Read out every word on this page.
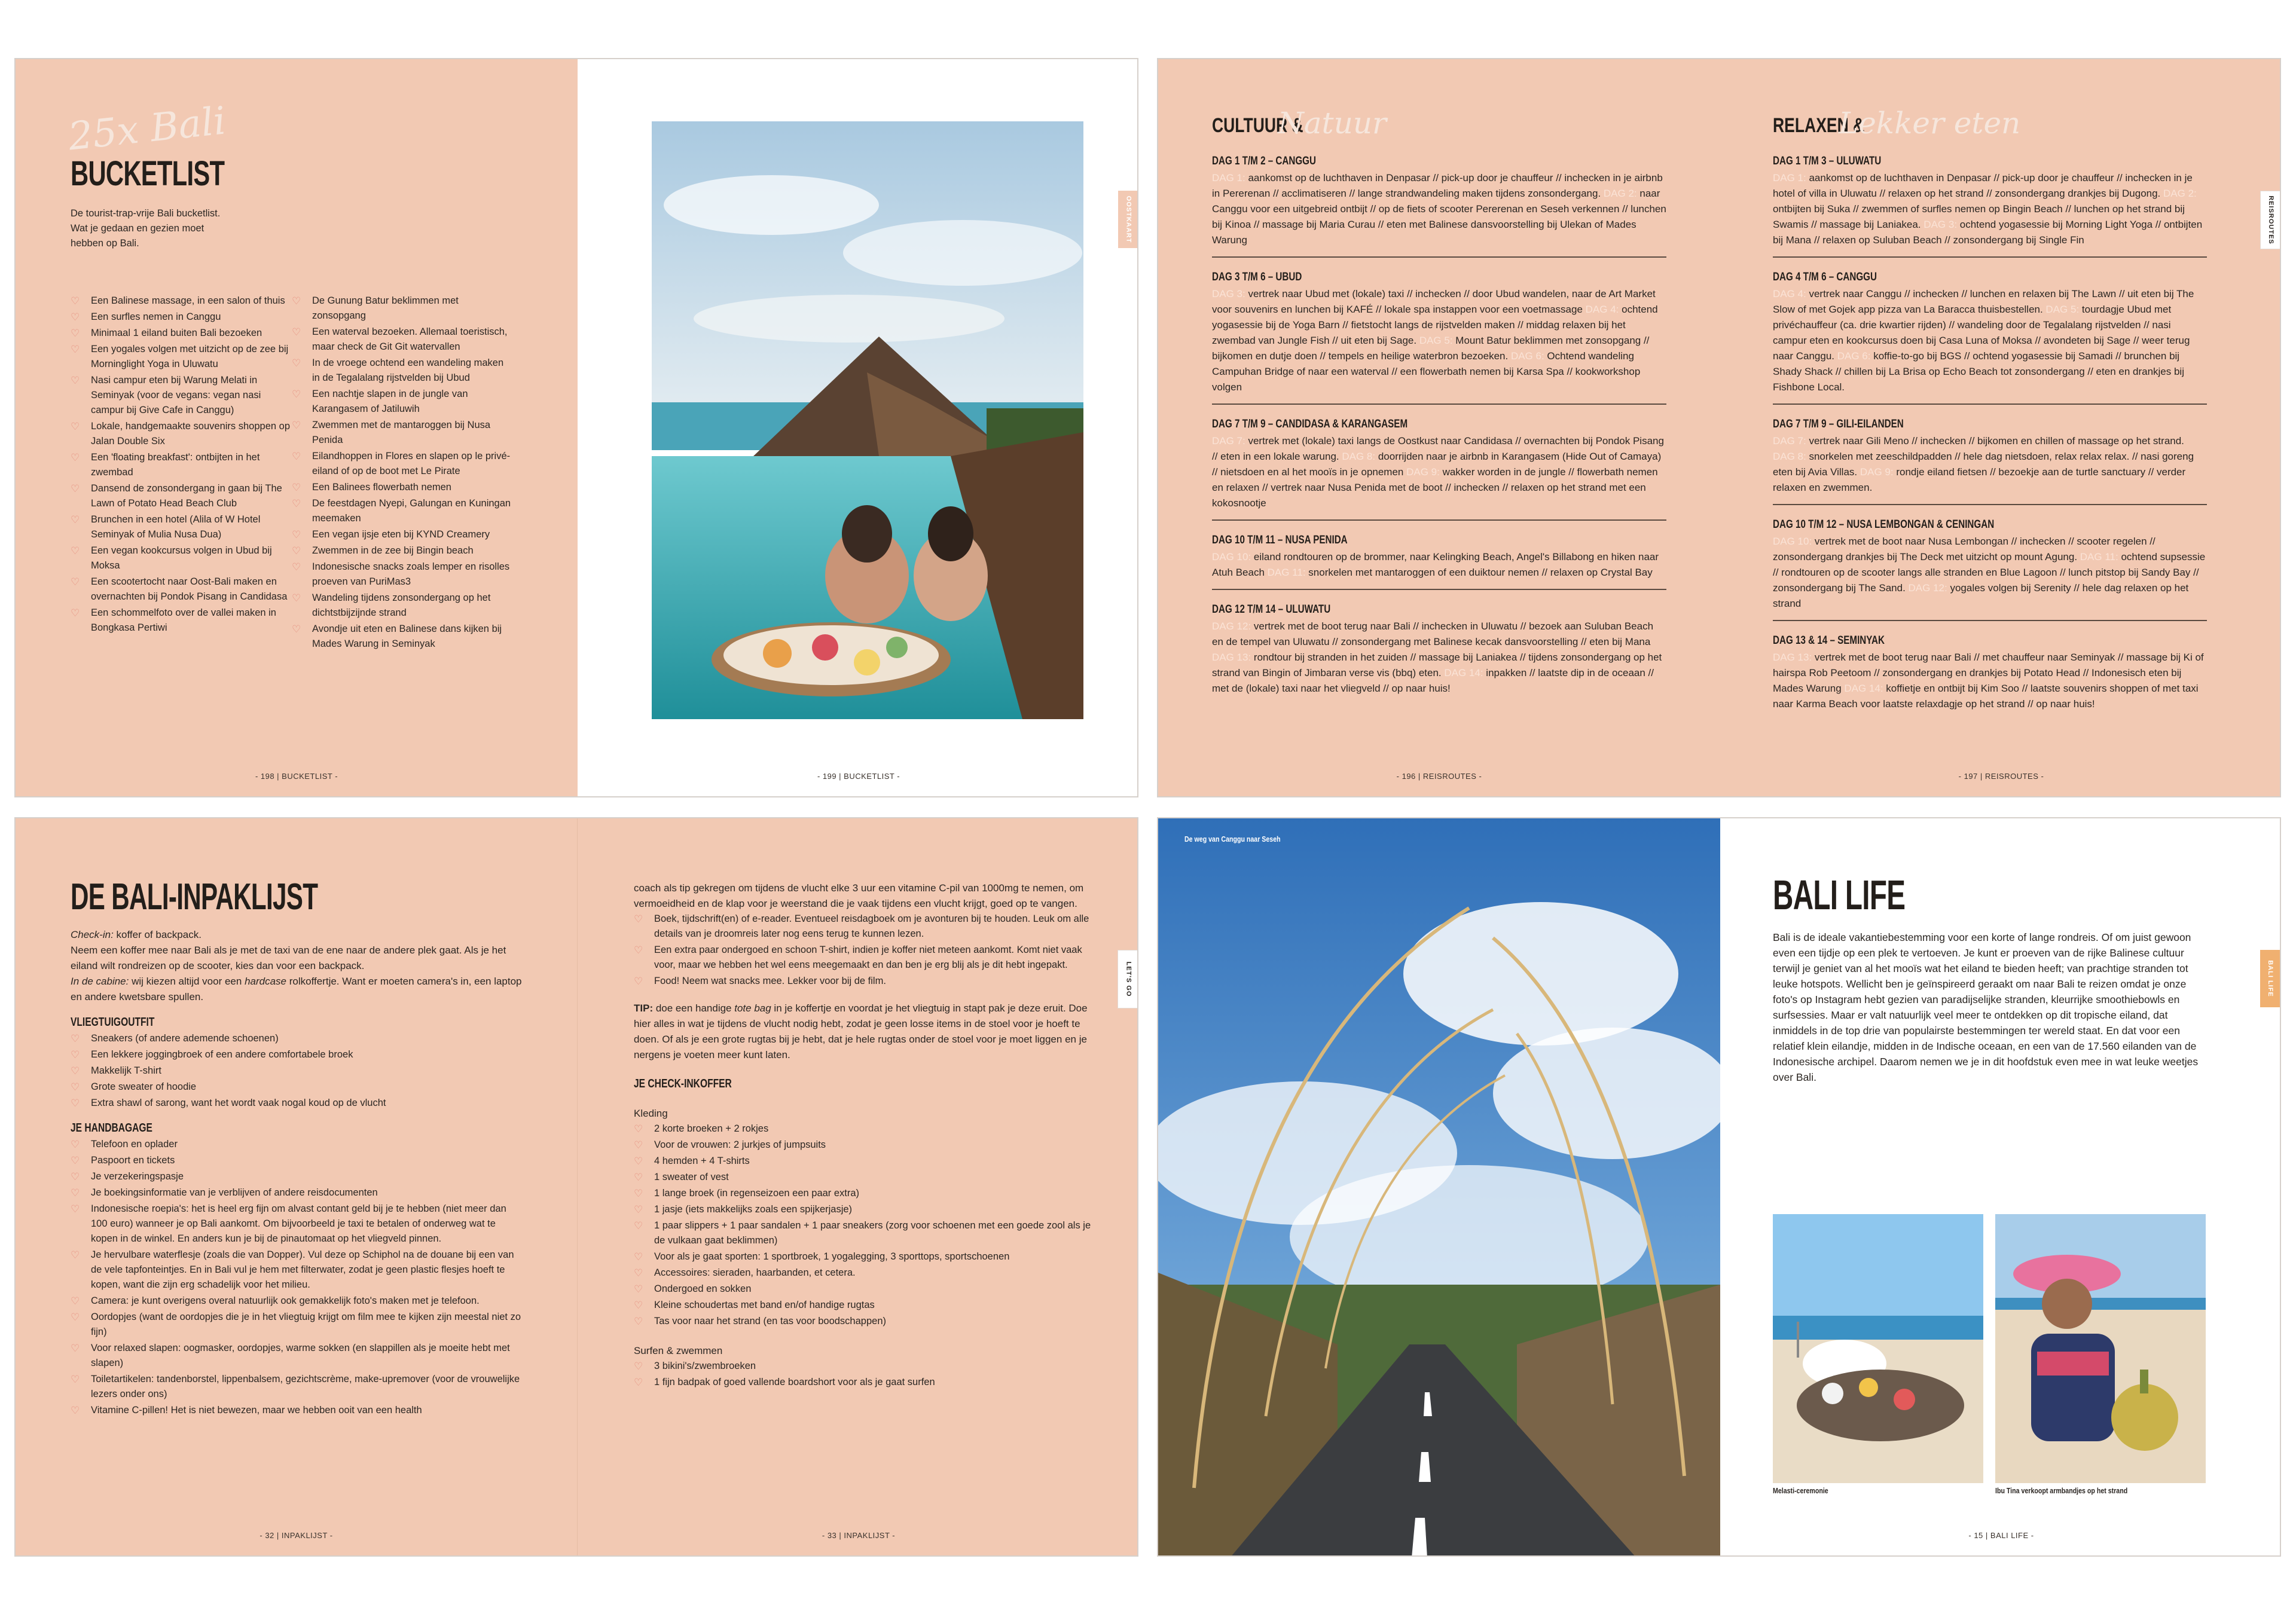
25x Bali
BUCKETLIST
De tourist-trap-vrije Bali bucketlist. Wat je gedaan en gezien moet hebben op Bali.
♡ Een Balinese massage, in een salon of thuis
♡ Een surfles nemen in Canggu
♡ Minimaal 1 eiland buiten Bali bezoeken
♡ Een yogales volgen met uitzicht op de zee bij Morninglight Yoga in Uluwatu
♡ Nasi campur eten bij Warung Melati in Seminyak (voor de vegans: vegan nasi campur bij Give Cafe in Canggu)
♡ Lokale, handgemaakte souvenirs shoppen op Jalan Double Six
♡ Een 'floating breakfast': ontbijten in het zwembad
♡ Dansend de zonsondergang in gaan bij The Lawn of Potato Head Beach Club
♡ Brunchen in een hotel (Alila of W Hotel Seminyak of Mulia Nusa Dua)
♡ Een vegan kookcursus volgen in Ubud bij Moksa
♡ Een scootertocht naar Oost-Bali maken en overnachten bij Pondok Pisang in Candidasa
♡ Een schommelfoto over de vallei maken in Bongkasa Pertiwi
♡ De Gunung Batur beklimmen met zonsopgang
♡ Een waterval bezoeken. Allemaal toeristisch, maar check de Git Git watervallen
♡ In de vroege ochtend een wandeling maken in de Tegalalang rijstvelden bij Ubud
♡ Een nachtje slapen in de jungle van Karangasem of Jatiluwih
♡ Zwemmen met de mantaroggen bij Nusa Penida
♡ Eilandhoppen in Flores en slapen op le privé-eiland of op de boot met Le Pirate
♡ Een Balinees flowerbath nemen
♡ De feestdagen Nyepi, Galungan en Kuningan meemaken
♡ Een vegan ijsje eten bij KYND Creamery
♡ Zwemmen in de zee bij Bingin beach
♡ Indonesische snacks zoals lemper en risolles proeven van PuriMas3
♡ Wandeling tijdens zonsondergang op het dichtstbijzijnde strand
♡ Avondje uit eten en Balinese dans kijken bij Mades Warung in Seminyak
- 198 | BUCKETLIST -	- 199 | BUCKETLIST -
OOSTKAART
CULTUUR &
Natuur
DAG 1 T/M 2 – CANGGU

DAG 1: aankomst op de luchthaven in Denpasar // pick-up door je chauffeur // inchecken in je airbnb in Pererenan // acclimatiseren // lange strandwandeling maken tijdens zonsondergang. DAG 2: naar Canggu voor een uitgebreid ontbijt // op de fiets of scooter Pererenan en Seseh verkennen // lunchen bij Kinoa // massage bij Maria Curau // eten met Balinese dansvoorstelling bij Ulekan of Mades Warung

DAG 3 T/M 6 – UBUD

DAG 3: vertrek naar Ubud met (lokale) taxi // inchecken // door Ubud wandelen, naar de Art Market voor souvenirs en lunchen bij KAFÉ // lokale spa instappen voor een voetmassage DAG 4: ochtend yogasessie bij de Yoga Barn // fietstocht langs de rijstvelden maken // middag relaxen bij het zwembad van Jungle Fish // uit eten bij Sage. DAG 5: Mount Batur beklimmen met zonsopgang // bijkomen en dutje doen // tempels en heilige waterbron bezoeken. DAG 6: Ochtend wandeling Campuhan Bridge of naar een waterval // een flowerbath nemen bij Karsa Spa // kookworkshop volgen

DAG 7 T/M 9 – CANDIDASA & KARANGASEM

DAG 7: vertrek met (lokale) taxi langs de Oostkust naar Candidasa // overnachten bij Pondok Pisang // eten in een lokale warung. DAG 8: doorrijden naar je airbnb in Karangasem (Hide Out of Camaya) // nietsdoen en al het mooïs in je opnemen DAG 9: wakker worden in de jungle // flowerbath nemen en relaxen // vertrek naar Nusa Penida met de boot // inchecken // relaxen op het strand met een kokosnootje

DAG 10 T/M 11 – NUSA PENIDA

DAG 10: eiland rondtouren op de brommer, naar Kelingking Beach, Angel's Billabong en hiken naar Atuh Beach DAG 11: snorkelen met mantaroggen of een duiktour nemen // relaxen op Crystal Bay

DAG 12 T/M 14 – ULUWATU

DAG 12: vertrek met de boot terug naar Bali // inchecken in Uluwatu // bezoek aan Suluban Beach en de tempel van Uluwatu // zonsondergang met Balinese kecak dansvoorstelling // eten bij Mana DAG 13: rondtour bij stranden in het zuiden // massage bij Laniakea // tijdens zonsondergang op het strand van Bingin of Jimbaran verse vis (bbq) eten. DAG 14: inpakken // laatste dip in de oceaan // met de (lokale) taxi naar het vliegveld // op naar huis!

- 196 | REISROUTES -
RELAXEN &
Lekker eten
DAG 1 T/M 3 – ULUWATU

DAG 1: aankomst op de luchthaven in Denpasar // pick-up door je chauffeur // inchecken in je hotel of villa in Uluwatu // relaxen op het strand // zonsondergang drankjes bij Dugong. DAG 2: ontbijten bij Suka // zwemmen of surfles nemen op Bingin Beach // lunchen op het strand bij Swamis // massage bij Laniakea. DAG 3: ochtend yogasessie bij Morning Light Yoga // ontbijten bij Mana // relaxen op Suluban Beach // zonsondergang bij Single Fin

DAG 4 T/M 6 – CANGGU

DAG 4: vertrek naar Canggu // inchecken // lunchen en relaxen bij The Lawn // uit eten bij The Slow of met Gojek app pizza van La Baracca thuisbestellen. DAG 5: tourdagje Ubud met privéchauffeur (ca. drie kwartier rijden) // wandeling door de Tegalalang rijstvelden // nasi campur eten en kookcursus doen bij Casa Luna of Moksa // avondeten bij Sage // weer terug naar Canggu. DAG 6: koffie-to-go bij BGS // ochtend yogasessie bij Samadi // brunchen bij Shady Shack // chillen bij La Brisa op Echo Beach tot zonsondergang // eten en drankjes bij Fishbone Local.

DAG 7 T/M 9 – GILI-EILANDEN

DAG 7: vertrek naar Gili Meno // inchecken // bijkomen en chillen of massage op het strand. DAG 8: snorkelen met zeeschildpadden // hele dag nietsdoen, relax relax relax. // nasi goreng eten bij Avia Villas. DAG 9: rondje eiland fietsen // bezoekje aan de turtle sanctuary // verder relaxen en zwemmen.

DAG 10 T/M 12 – NUSA LEMBONGAN & CENINGAN

DAG 10: vertrek met de boot naar Nusa Lembongan // inchecken // scooter regelen // zonsondergang drankjes bij The Deck met uitzicht op mount Agung. DAG 11: ochtend supsessie // rondtouren op de scooter langs alle stranden en Blue Lagoon // lunch pitstop bij Sandy Bay // zonsondergang bij The Sand. DAG 12: yogales volgen bij Serenity // hele dag relaxen op het strand

DAG 13 & 14 – SEMINYAK

DAG 13: vertrek met de boot terug naar Bali // met chauffeur naar Seminyak // massage bij Ki of hairspa Rob Peetoom // zonsondergang en drankjes bij Potato Head // Indonesisch eten bij Mades Warung DAG 14: koffietje en ontbijt bij Kim Soo // laatste souvenirs shoppen of met taxi naar Karma Beach voor laatste relaxdagje op het strand // op naar huis!

- 197 | REISROUTES -
REISROUTES
DE BALI-INPAKLIJST
Check-in: koffer of backpack.
Neem een koffer mee naar Bali als je met de taxi van de ene naar de andere plek gaat. Als je het eiland wilt rondreizen op de scooter, kies dan voor een backpack.
In de cabine: wij kiezen altijd voor een hardcase rolkoffertje. Want er moeten camera's in, een laptop en andere kwetsbare spullen.
VLIEGTUIGOUTFIT
♡ Sneakers (of andere ademende schoenen)
♡ Een lekkere joggingbroek of een andere comfortabele broek
♡ Makkelijk T-shirt
♡ Grote sweater of hoodie
♡ Extra shawl of sarong, want het wordt vaak nogal koud op de vlucht
JE HANDBAGAGE
♡ Telefoon en oplader
♡ Paspoort en tickets
♡ Je verzekeringspasje
♡ Je boekingsinformatie van je verblijven of andere reisdocumenten
♡ Indonesische roepia's: het is heel erg fijn om alvast contant geld bij je te hebben (niet meer dan 100 euro) wanneer je op Bali aankomt. Om bijvoorbeeld je taxi te betalen of onderweg wat te kopen in de winkel. En anders kun je bij de pinautomaat op het vliegveld pinnen.
♡ Je hervulbare waterflesje (zoals die van Dopper). Vul deze op Schiphol na de douane bij een van de vele tapfonteintjes. En in Bali vul je hem met filterwater, zodat je geen plastic flesjes hoeft te kopen, want die zijn erg schadelijk voor het milieu.
♡ Camera: je kunt overigens overal natuurlijk ook gemakkelijk foto's maken met je telefoon.
♡ Oordopjes (want de oordopjes die je in het vliegtuig krijgt om film mee te kijken zijn meestal niet zo fijn)
♡ Voor relaxed slapen: oogmasker, oordopjes, warme sokken (en slappillen als je moeite hebt met slapen)
♡ Toiletartikelen: tandenborstel, lippenbalsem, gezichtscrème, make-upremover (voor de vrouwelijke lezers onder ons)
♡ Vitamine C-pillen! Het is niet bewezen, maar we hebben ooit van een health
- 32 | INPAKLIJST -
coach als tip gekregen om tijdens de vlucht elke 3 uur een vitamine C-pil van 1000mg te nemen, om vermoeidheid en de klap voor je weerstand die je vaak tijdens een vlucht krijgt, goed op te vangen.
♡ Boek, tijdschrift(en) of e-reader. Eventueel reisdagboek om je avonturen bij te houden. Leuk om alle details van je droomreis later nog eens terug te kunnen lezen.
♡ Een extra paar ondergoed en schoon T-shirt, indien je koffer niet meteen aankomt. Komt niet vaak voor, maar we hebben het wel eens meegemaakt en dan ben je erg blij als je dit hebt ingepakt.
♡ Food! Neem wat snacks mee. Lekker voor bij de film.
TIP: doe een handige tote bag in je koffertje en voordat je het vliegtuig in stapt pak je deze eruit. Doe hier alles in wat je tijdens de vlucht nodig hebt, zodat je geen losse items in de stoel voor je hoeft te doen. Of als je een grote rugtas bij je hebt, dat je hele rugtas onder de stoel voor je moet liggen en je nergens je voeten meer kunt laten.
JE CHECK-INKOFFER
Kleding
♡ 2 korte broeken + 2 rokjes
♡ Voor de vrouwen: 2 jurkjes of jumpsuits
♡ 4 hemden + 4 T-shirts
♡ 1 sweater of vest
♡ 1 lange broek (in regenseizoen een paar extra)
♡ 1 jasje (iets makkelijks zoals een spijkerjasje)
♡ 1 paar slippers + 1 paar sandalen + 1 paar sneakers (zorg voor schoenen met een goede zool als je de vulkaan gaat beklimmen)
♡ Voor als je gaat sporten: 1 sportbroek, 1 yogalegging, 3 sporttops, sportschoenen
♡ Accessoires: sieraden, haarbanden, et cetera.
♡ Ondergoed en sokken
♡ Kleine schoudertas met band en/of handige rugtas
♡ Tas voor naar het strand (en tas voor boodschappen)
Surfen & zwemmen
♡ 3 bikini's/zwembroeken
♡ 1 fijn badpak of goed vallende boardshort voor als je gaat surfen
- 33 | INPAKLIJST -
LET'S GO
De weg van Canggu naar Seseh
BALI LIFE
Bali is de ideale vakantiebestemming voor een korte of lange rondreis. Of om juist gewoon even een tijdje op een plek te vertoeven. Je kunt er proeven van de rijke Balinese cultuur terwijl je geniet van al het mooïs wat het eiland te bieden heeft; van prachtige stranden tot leuke hotspots. Wellicht ben je geïnspireerd geraakt om naar Bali te reizen omdat je onze foto's op Instagram hebt gezien van paradijselijke stranden, kleurrijke smoothiebowls en surfsessies. Maar er valt natuurlijk veel meer te ontdekken op dit tropische eiland, dat inmiddels in de top drie van populairste bestemmingen ter wereld staat. En dat voor een relatief klein eilandje, midden in de Indische oceaan, en een van de 17.560 eilanden van de Indonesische archipel. Daarom nemen we je in dit hoofdstuk even mee in wat leuke weetjes over Bali.
Melasti-ceremonie	Ibu Tina verkoopt armbandjes op het strand
- 15 | BALI LIFE -
BALI LIFE
